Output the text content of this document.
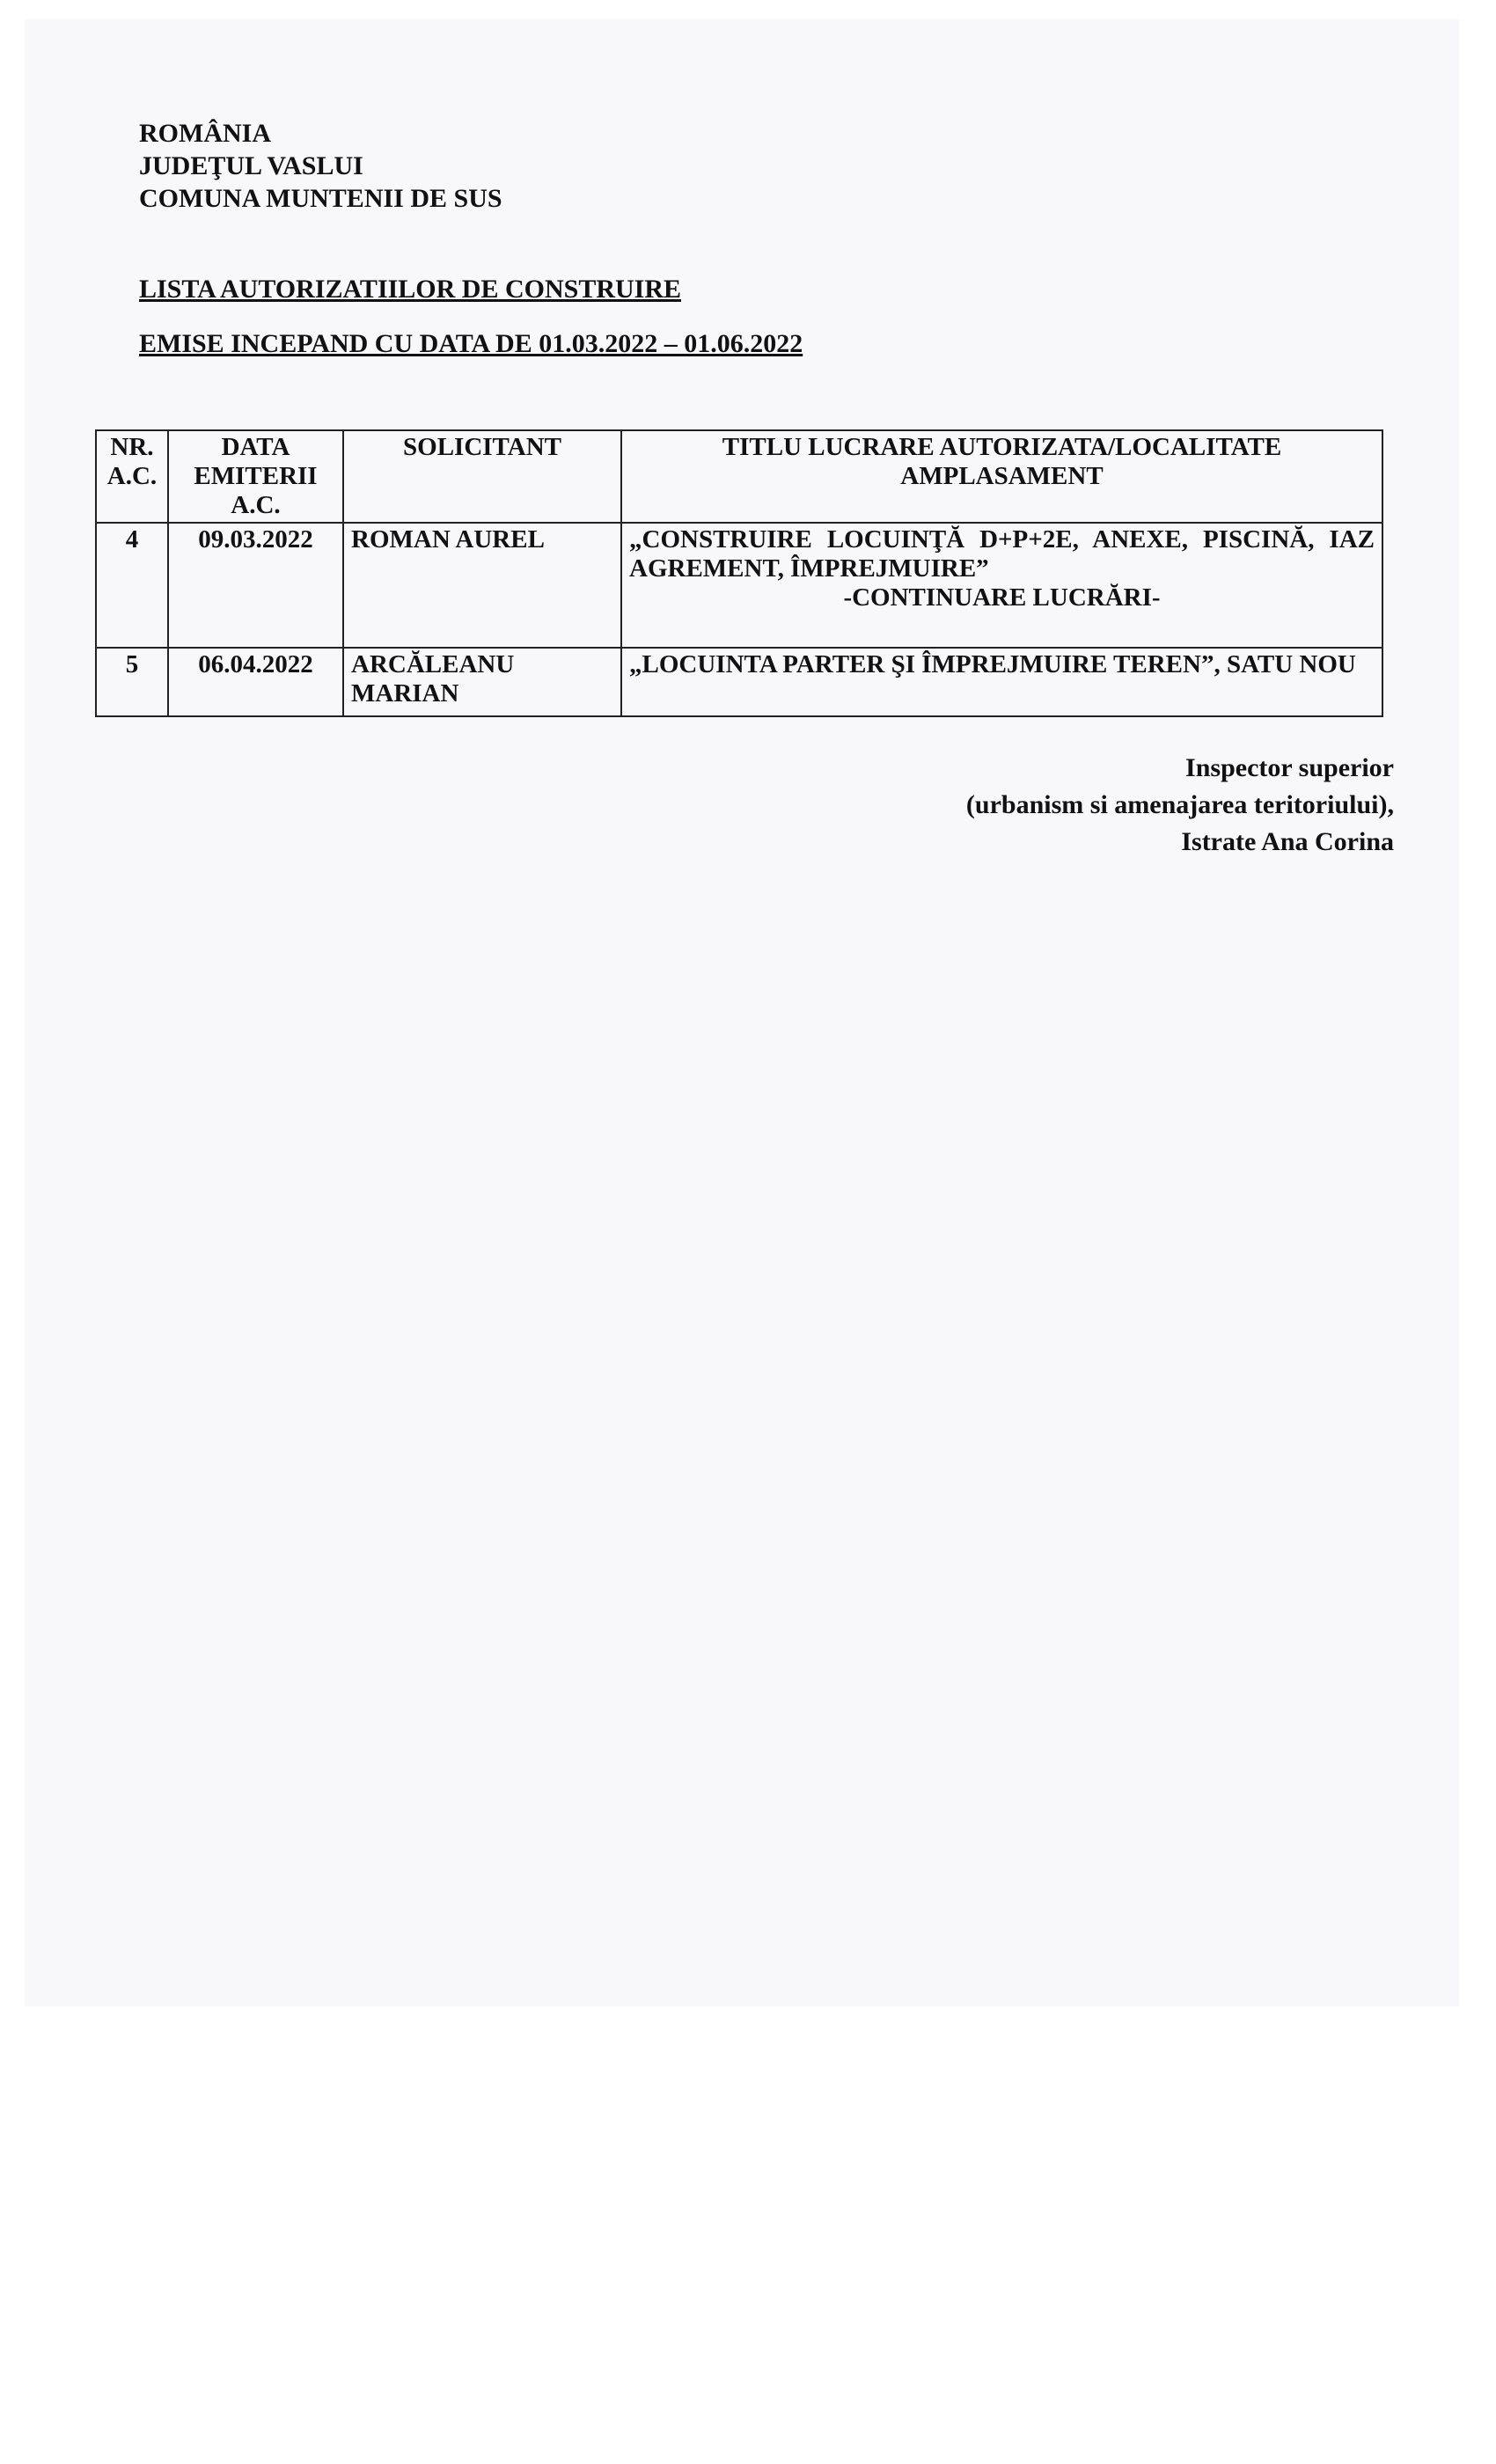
ROMÂNIA
JUDEŢUL VASLUI
COMUNA MUNTENII DE SUS
LISTA AUTORIZATIILOR DE CONSTRUIRE
EMISE INCEPAND CU DATA DE 01.03.2022 – 01.06.2022
NR. A.C.	DATA EMITERII A.C.	SOLICITANT	TITLU LUCRARE AUTORIZATA/LOCALITATE AMPLASAMENT
4	09.03.2022	ROMAN AUREL	„CONSTRUIRE LOCUINŢĂ D+P+2E, ANEXE, PISCINĂ, IAZ AGREMENT, ÎMPREJMUIRE”
-CONTINUARE LUCRĂRI-

5	06.04.2022	ARCĂLEANU MARIAN	„LOCUINTA PARTER ŞI ÎMPREJMUIRE TEREN”, SATU NOU
Inspector superior
(urbanism si amenajarea teritoriului),
Istrate Ana Corina
